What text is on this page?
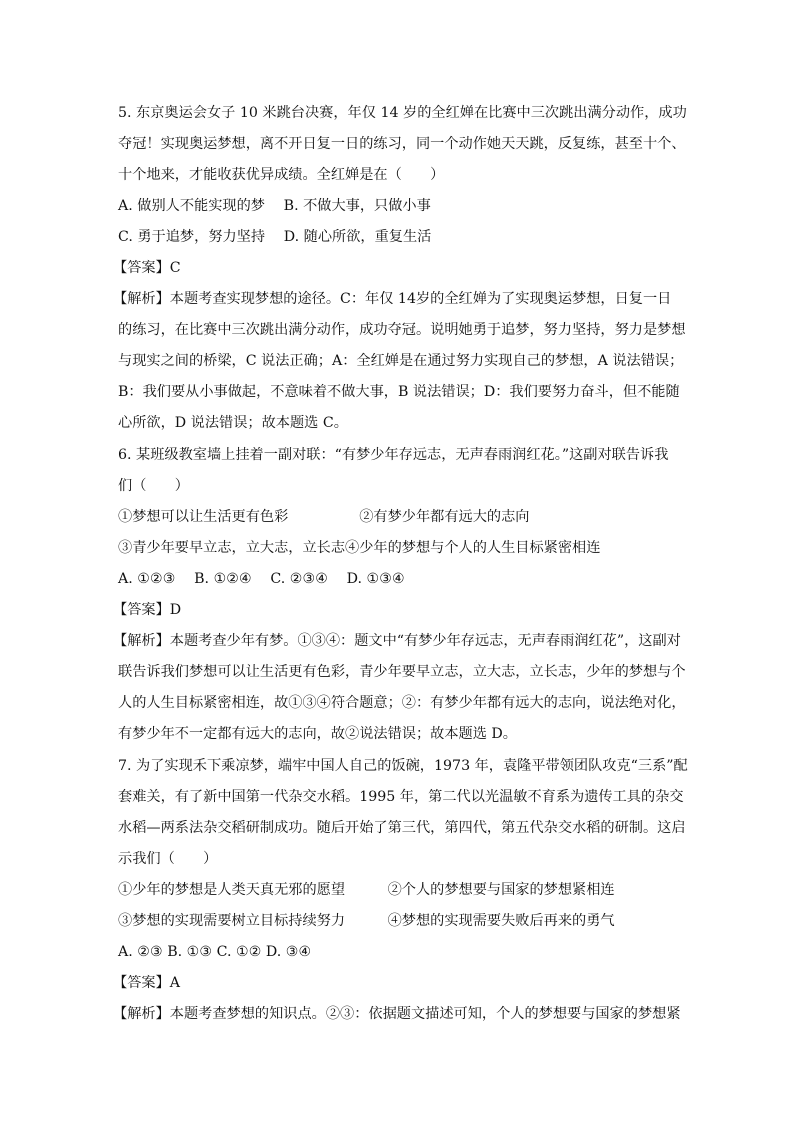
5. 东京奥运会女子 10 米跳台决赛，年仅 14 岁的全红婵在比赛中三次跳出满分动作，成功
夺冠！实现奥运梦想，离不开日复一日的练习，同一个动作她天天跳，反复练，甚至十个、
十个地来，才能收获优异成绩。全红婵是在（　　）
A. 做别人不能实现的梦　 B. 不做大事，只做小事
C. 勇于追梦，努力坚持　 D. 随心所欲，重复生活
【答案】C
【解析】本题考查实现梦想的途径。C：年仅 14岁的全红婵为了实现奥运梦想，日复一日
的练习，在比赛中三次跳出满分动作，成功夺冠。说明她勇于追梦，努力坚持，努力是梦想
与现实之间的桥梁，C 说法正确；A：全红婵是在通过努力实现自己的梦想，A 说法错误；
B：我们要从小事做起，不意味着不做大事，B 说法错误；D：我们要努力奋斗，但不能随
心所欲，D 说法错误；故本题选 C。
6. 某班级教室墙上挂着一副对联：“有梦少年存远志，无声春雨润红花。”这副对联告诉我
们（　　）
①梦想可以让生活更有色彩　　　　　②有梦少年都有远大的志向
③青少年要早立志，立大志，立长志④少年的梦想与个人的人生目标紧密相连
A. ①②③　 B. ①②④　 C. ②③④　 D. ①③④
【答案】D
【解析】本题考查少年有梦。①③④：题文中“有梦少年存远志，无声春雨润红花”，这副对
联告诉我们梦想可以让生活更有色彩，青少年要早立志，立大志，立长志，少年的梦想与个
人的人生目标紧密相连，故①③④符合题意；②：有梦少年都有远大的志向，说法绝对化，
有梦少年不一定都有远大的志向，故②说法错误；故本题选 D。
7. 为了实现禾下乘凉梦，端牢中国人自己的饭碗，1973 年，袁隆平带领团队攻克“三系”配
套难关，有了新中国第一代杂交水稻。1995 年，第二代以光温敏不育系为遗传工具的杂交
水稻—两系法杂交稻研制成功。随后开始了第三代，第四代，第五代杂交水稻的研制。这启
示我们（　　）
①少年的梦想是人类天真无邪的愿望　　　②个人的梦想要与国家的梦想紧相连
③梦想的实现需要树立目标持续努力　　　④梦想的实现需要失败后再来的勇气
A. ②③ B. ①③ C. ①② D. ③④
【答案】A
【解析】本题考查梦想的知识点。②③：依据题文描述可知，个人的梦想要与国家的梦想紧
